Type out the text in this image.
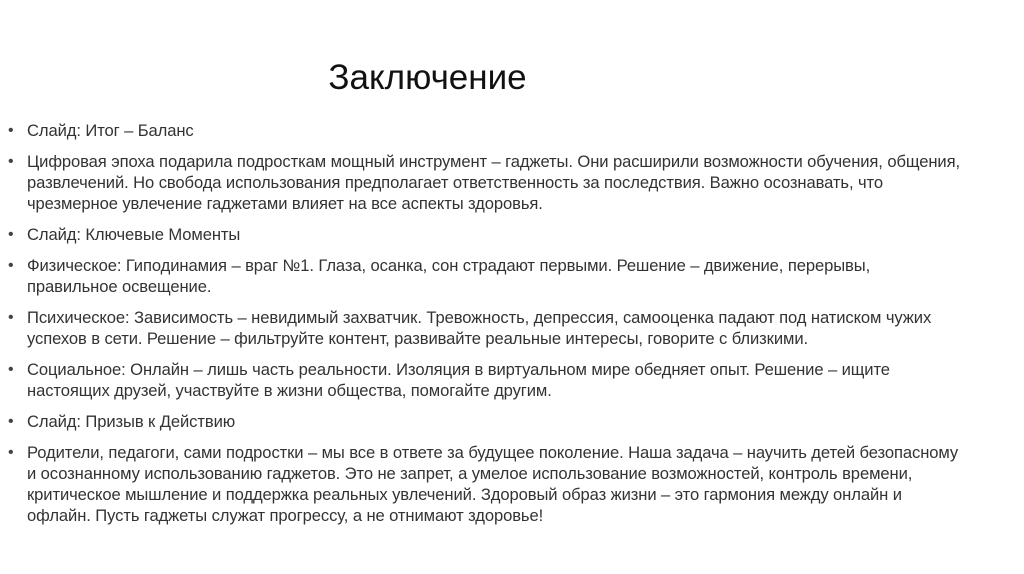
Заключение
• Слайд: Итог – Баланс
• Цифровая эпоха подарила подросткам мощный инструмент – гаджеты. Они расширили возможности обучения, общения, развлечений. Но свобода использования предполагает ответственность за последствия. Важно осознавать, что чрезмерное увлечение гаджетами влияет на все аспекты здоровья.
• Слайд: Ключевые Моменты
• Физическое: Гиподинамия – враг №1. Глаза, осанка, сон страдают первыми. Решение – движение, перерывы, правильное освещение.
• Психическое: Зависимость – невидимый захватчик. Тревожность, депрессия, самооценка падают под натиском чужих успехов в сети. Решение – фильтруйте контент, развивайте реальные интересы, говорите с близкими.
• Социальное: Онлайн – лишь часть реальности. Изоляция в виртуальном мире обедняет опыт. Решение – ищите настоящих друзей, участвуйте в жизни общества, помогайте другим.
• Слайд: Призыв к Действию
• Родители, педагоги, сами подростки – мы все в ответе за будущее поколение. Наша задача – научить детей безопасному и осознанному использованию гаджетов. Это не запрет, а умелое использование возможностей, контроль времени, критическое мышление и поддержка реальных увлечений. Здоровый образ жизни – это гармония между онлайн и офлайн. Пусть гаджеты служат прогрессу, а не отнимают здоровье!
